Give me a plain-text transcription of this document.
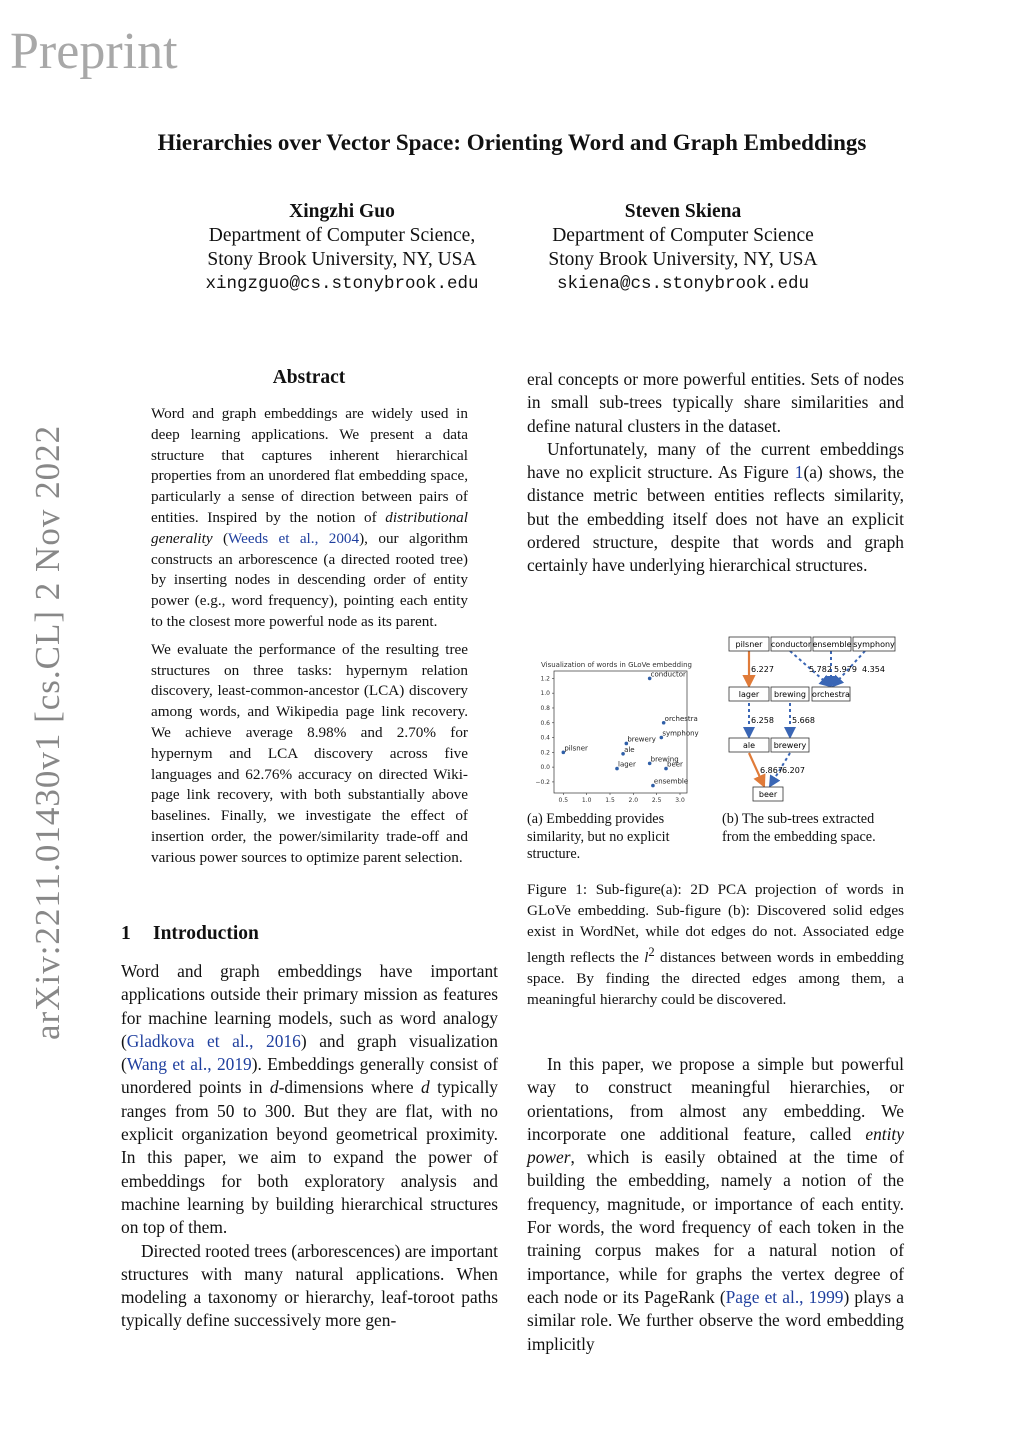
Preprint
arXiv:2211.01430v1 [cs.CL] 2 Nov 2022
Hierarchies over Vector Space: Orienting Word and Graph Embeddings
Xingzhi Guo
Department of Computer Science,
Stony Brook University, NY, USA
xingzguo@cs.stonybrook.edu
Steven Skiena
Department of Computer Science
Stony Brook University, NY, USA
skiena@cs.stonybrook.edu
Abstract

Word and graph embeddings are widely used in deep learning applications. We present a data structure that captures inherent hierarchical properties from an unordered flat embedding space, particularly a sense of direction between pairs of entities. Inspired by the notion of distributional generality (Weeds et al., 2004), our algorithm constructs an arborescence (a directed rooted tree) by inserting nodes in descending order of entity power (e.g., word frequency), pointing each entity to the closest more powerful node as its parent.

We evaluate the performance of the resulting tree structures on three tasks: hypernym relation discovery, least-common-ancestor (LCA) discovery among words, and Wikipedia page link recovery. We achieve average 8.98% and 2.70% for hypernym and LCA discovery across five languages and 62.76% accuracy on directed Wiki-page link recovery, with both substantially above baselines. Finally, we investigate the effect of insertion order, the power/similarity trade-off and various power sources to optimize parent selection.

1 Introduction

Word and graph embeddings have important applications outside their primary mission as features for machine learning models, such as word analogy (Gladkova et al., 2016) and graph visualization (Wang et al., 2019). Embeddings generally consist of unordered points in d-dimensions where d typically ranges from 50 to 300. But they are flat, with no explicit organization beyond geometrical proximity. In this paper, we aim to expand the power of embeddings for both exploratory analysis and machine learning by building hierarchical structures on top of them.

Directed rooted trees (arborescences) are important structures with many natural applications. When modeling a taxonomy or hierarchy, leaf-toroot paths typically define successively more gen-

eral concepts or more powerful entities. Sets of nodes in small sub-trees typically share similarities and define natural clusters in the dataset.

Unfortunately, many of the current embeddings have no explicit structure. As Figure 1(a) shows, the distance metric between entities reflects similarity, but the embedding itself does not have an explicit ordered structure, despite that words and graph certainly have underlying hierarchical structures.

Visualization of words in GLoVe embedding
0.5 1.0 1.5 2.0 2.5 3.0
−0.2
0.0
0.2
0.4
0.6
0.8
1.0
1.2
pilsner
conductor
orchestra
symphony
brewery
ale
brewing
lager	beer
ensemble
pilsner conductor ensemble symphony
lager brewing orchestra
ale brewery
beer
6.227	5.782 5.979 4.354
6.258 5.668
6.867 6.207
(a) Embedding provides similarity, but no explicit structure.
(b) The sub-trees extracted from the embedding space.
Figure 1: Sub-figure(a): 2D PCA projection of words in GLoVe embedding. Sub-figure (b): Discovered solid edges exist in WordNet, while dot edges do not. Associated edge length reflects the $l^2$ distances between words in embedding space. By finding the directed edges among them, a meaningful hierarchy could be discovered.

In this paper, we propose a simple but powerful way to construct meaningful hierarchies, or orientations, from almost any embedding. We incorporate one additional feature, called entity power, which is easily obtained at the time of building the embedding, namely a notion of the frequency, magnitude, or importance of each entity. For words, the word frequency of each token in the training corpus makes for a natural notion of importance, while for graphs the vertex degree of each node or its PageRank (Page et al., 1999) plays a similar role. We further observe the word embedding implicitly
